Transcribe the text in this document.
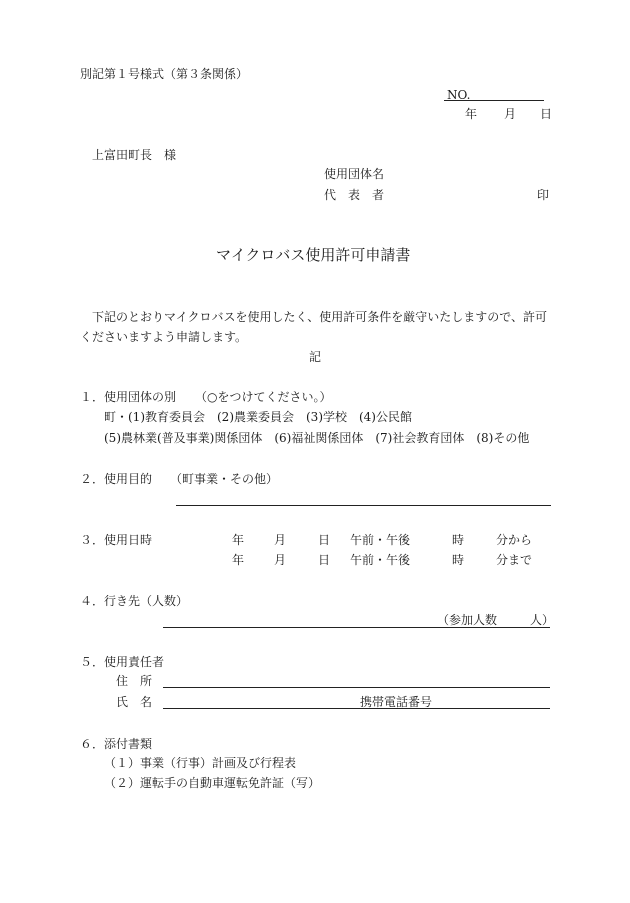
別記第１号様式（第３条関係）
NO.
年 月 日
上富田町長　様
使用団体名
代　表　者	印
マイクロバス使用許可申請書
下記のとおりマイクロバスを使用したく、使用許可条件を厳守いたしますので、許可
くださいますよう申請します。
記
１．使用団体の別 （○をつけてください。）
町・(1)教育委員会　(2)農業委員会　(3)学校　(4)公民館
(5)農林業(普及事業)関係団体　(6)福祉関係団体　(7)社会教育団体　(8)その他
２．使用目的 （町事業・その他）
３．使用日時	年 月	日 午前・午後	時	分から
年 月	日 午前・午後	時	分まで
４．行き先（人数）
（参加人数	人）
５．使用責任者
住　所
氏　名	携帯電話番号
６．添付書類
（１）事業（行事）計画及び行程表
（２）運転手の自動車運転免許証（写）
